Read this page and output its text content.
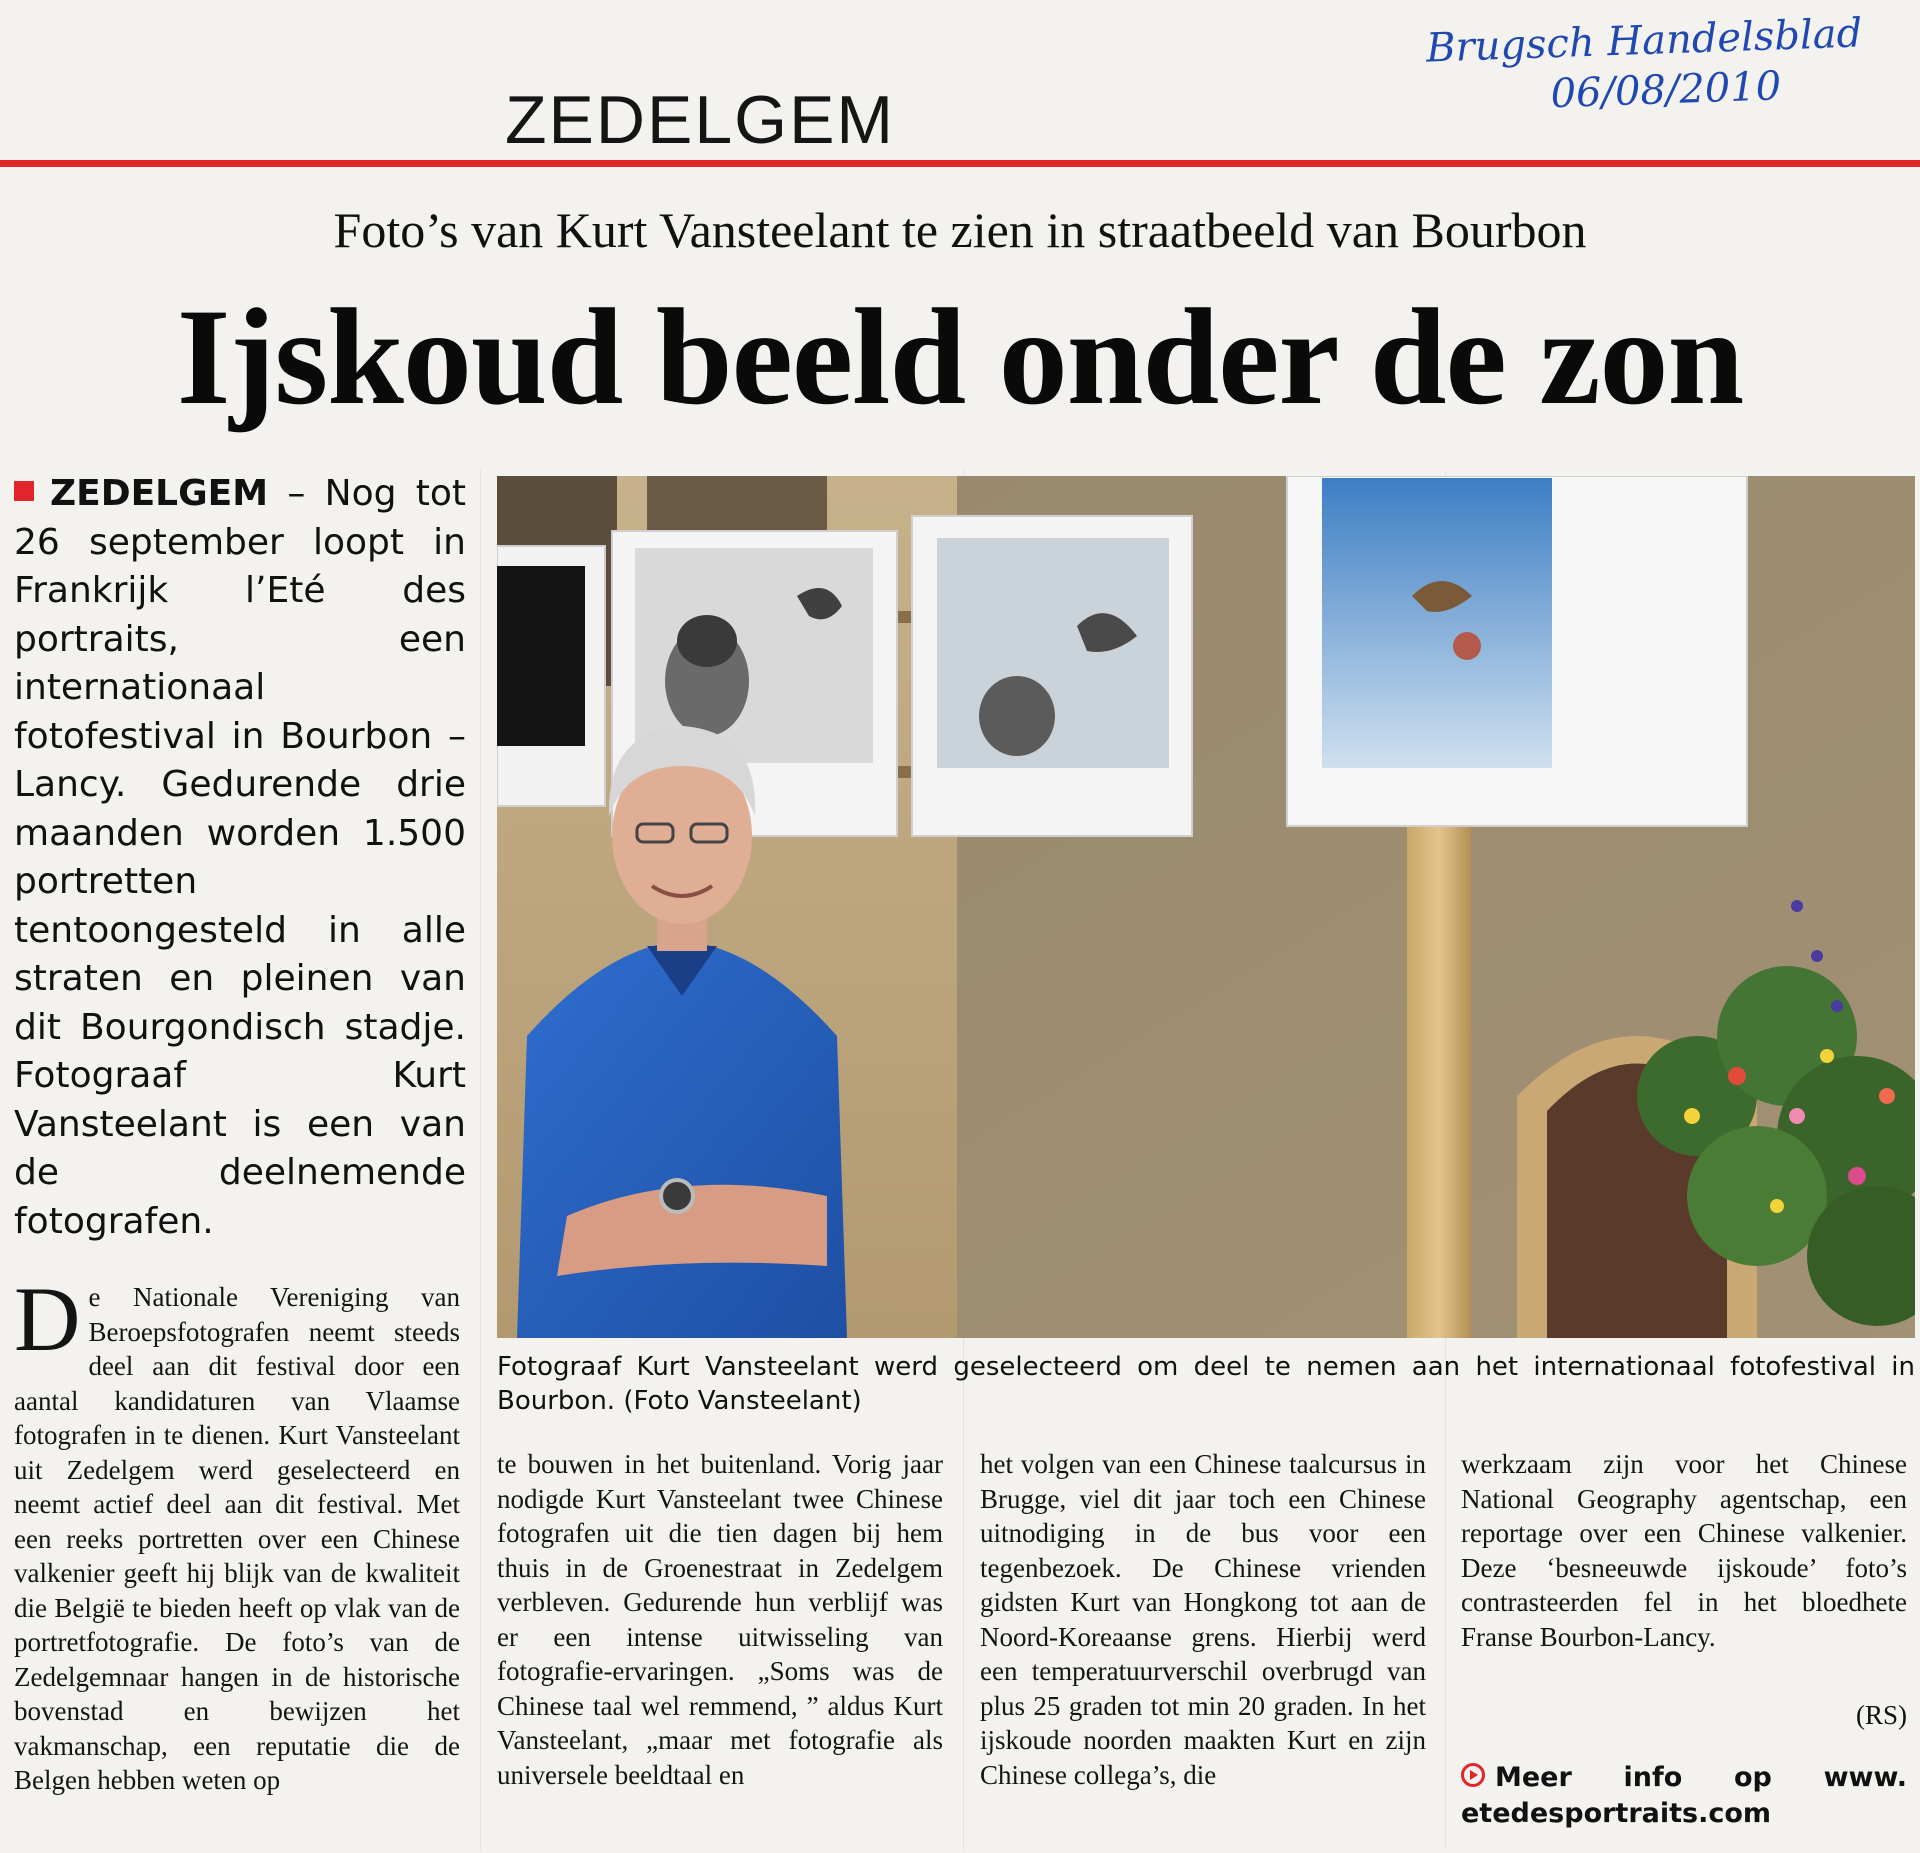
Brugsch Handelsblad
06/08/2010
ZEDELGEM
Foto’s van Kurt Vansteelant te zien in straatbeeld van Bourbon
Ijskoud beeld onder de zon
ZEDELGEM – Nog tot 26 september loopt in Frankrijk l’Eté des portraits, een internationaal fotofestival in Bourbon –Lancy. Gedurende drie maanden worden 1.500 portretten tentoongesteld in alle straten en pleinen van dit Bourgondisch stadje. Fotograaf Kurt Vansteelant is een van de deelnemende fotografen.
Fotograaf Kurt Vansteelant werd geselecteerd om deel te nemen aan het internationaal fotofestival in Bourbon. (Foto Vansteelant)
De Nationale Vereniging van Beroepsfotografen neemt steeds deel aan dit festival door een aantal kandidaturen van Vlaamse fotografen in te dienen. Kurt Vansteelant uit Zedelgem werd geselecteerd en neemt actief deel aan dit festival. Met een reeks portretten over een Chinese valkenier geeft hij blijk van de kwaliteit die België te bieden heeft op vlak van de portretfotografie. De foto’s van de Zedelgemnaar hangen in de historische bovenstad en bewijzen het vakmanschap, een reputatie die de Belgen hebben weten op
te bouwen in het buitenland. Vorig jaar nodigde Kurt Vansteelant twee Chinese fotografen uit die tien dagen bij hem thuis in de Groenestraat in Zedelgem verbleven. Gedurende hun verblijf was er een intense uitwisseling van fotografie-ervaringen. „Soms was de Chinese taal wel remmend, ” aldus Kurt Vansteelant, „maar met fotografie als universele beeldtaal en
het volgen van een Chinese taalcursus in Brugge, viel dit jaar toch een Chinese uitnodiging in de bus voor een tegenbezoek. De Chinese vrienden gidsten Kurt van Hongkong tot aan de Noord-Koreaanse grens. Hierbij werd een temperatuurverschil overbrugd van plus 25 graden tot min 20 graden. In het ijskoude noorden maakten Kurt en zijn Chinese collega’s, die
werkzaam zijn voor het Chinese National Geography agentschap, een reportage over een Chinese valkenier. Deze ‘besneeuwde ijskoude’ foto’s contrasteerden fel in het bloedhete Franse Bourbon-Lancy.
(RS)
Meer info op www.
etedesportraits.com
